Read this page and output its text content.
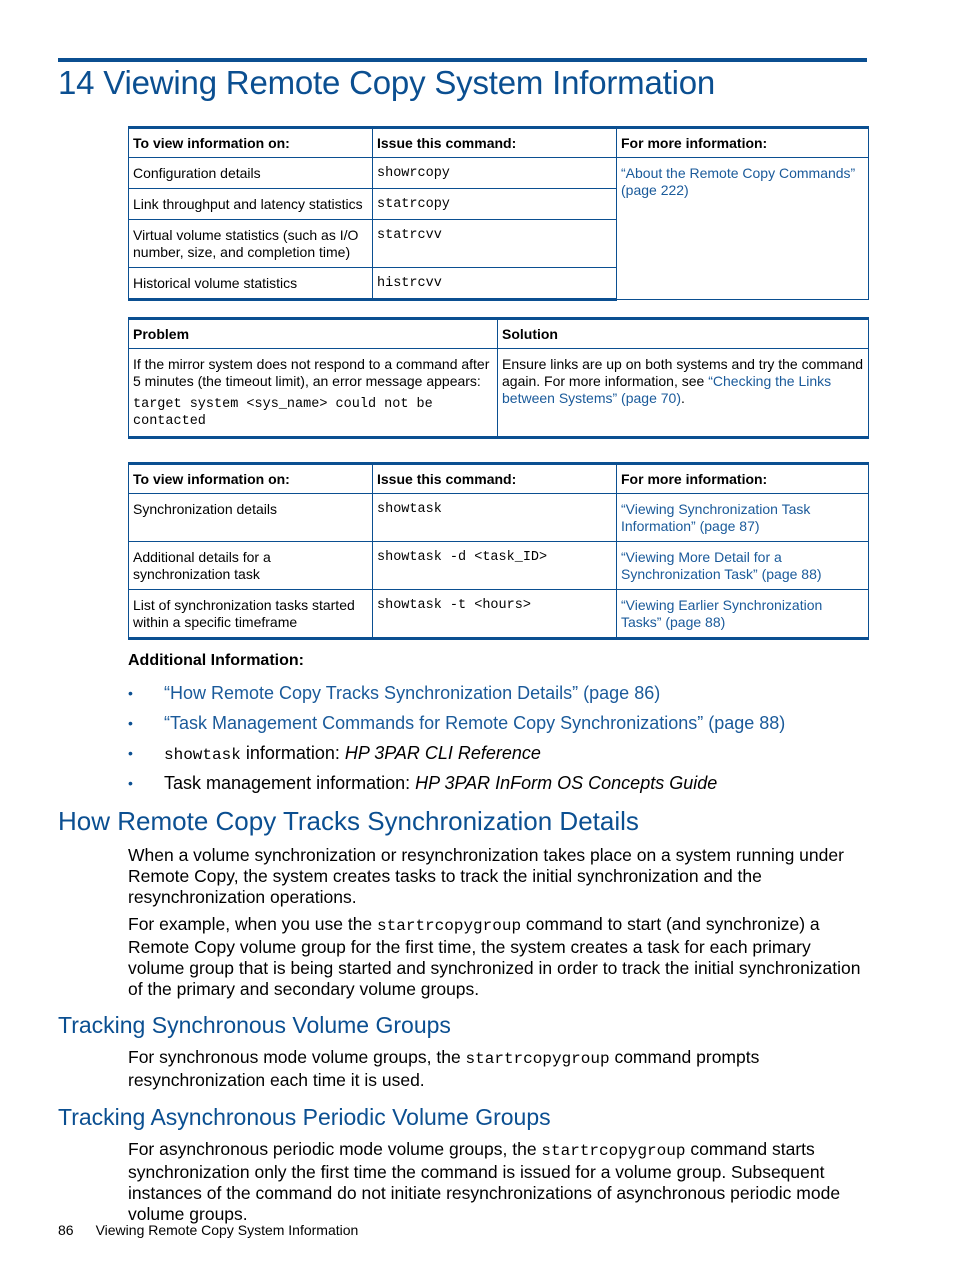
14 Viewing Remote Copy System Information
To view information on:	Issue this command:	For more information:
Configuration details	showrcopy	“About the Remote Copy Commands” (page 222)
Link throughput and latency statistics	statrcopy	
Virtual volume statistics (such as I/O number, size, and completion time)	statrcvv	
Historical volume statistics	histrcvv	
Problem	Solution

If the mirror system does not respond to a command after 5 minutes (the timeout limit), an error message appears:
target system <sys_name> could not be contacted	Ensure links are up on both systems and try the command again. For more information, see “Checking the Links between Systems” (page 70).
To view information on:	Issue this command:	For more information:
Synchronization details	showtask	“Viewing Synchronization Task Information” (page 87)
Additional details for a synchronization task	showtask -d <task_ID>	“Viewing More Detail for a Synchronization Task” (page 88)
List of synchronization tasks started within a specific timeframe	showtask -t <hours>	“Viewing Earlier Synchronization Tasks” (page 88)
Additional Information:
• “How Remote Copy Tracks Synchronization Details” (page 86)
• “Task Management Commands for Remote Copy Synchronizations” (page 88)
• showtask information: HP 3PAR CLI Reference
• Task management information: HP 3PAR InForm OS Concepts Guide
How Remote Copy Tracks Synchronization Details

When a volume synchronization or resynchronization takes place on a system running under Remote Copy, the system creates tasks to track the initial synchronization and the resynchronization operations.

For example, when you use the startrcopygroup command to start (and synchronize) a Remote Copy volume group for the first time, the system creates a task for each primary volume group that is being started and synchronized in order to track the initial synchronization of the primary and secondary volume groups.

Tracking Synchronous Volume Groups

For synchronous mode volume groups, the startrcopygroup command prompts resynchronization each time it is used.

Tracking Asynchronous Periodic Volume Groups

For asynchronous periodic mode volume groups, the startrcopygroup command starts synchronization only the first time the command is issued for a volume group. Subsequent instances of the command do not initiate resynchronizations of asynchronous periodic mode volume groups.

86 Viewing Remote Copy System Information
